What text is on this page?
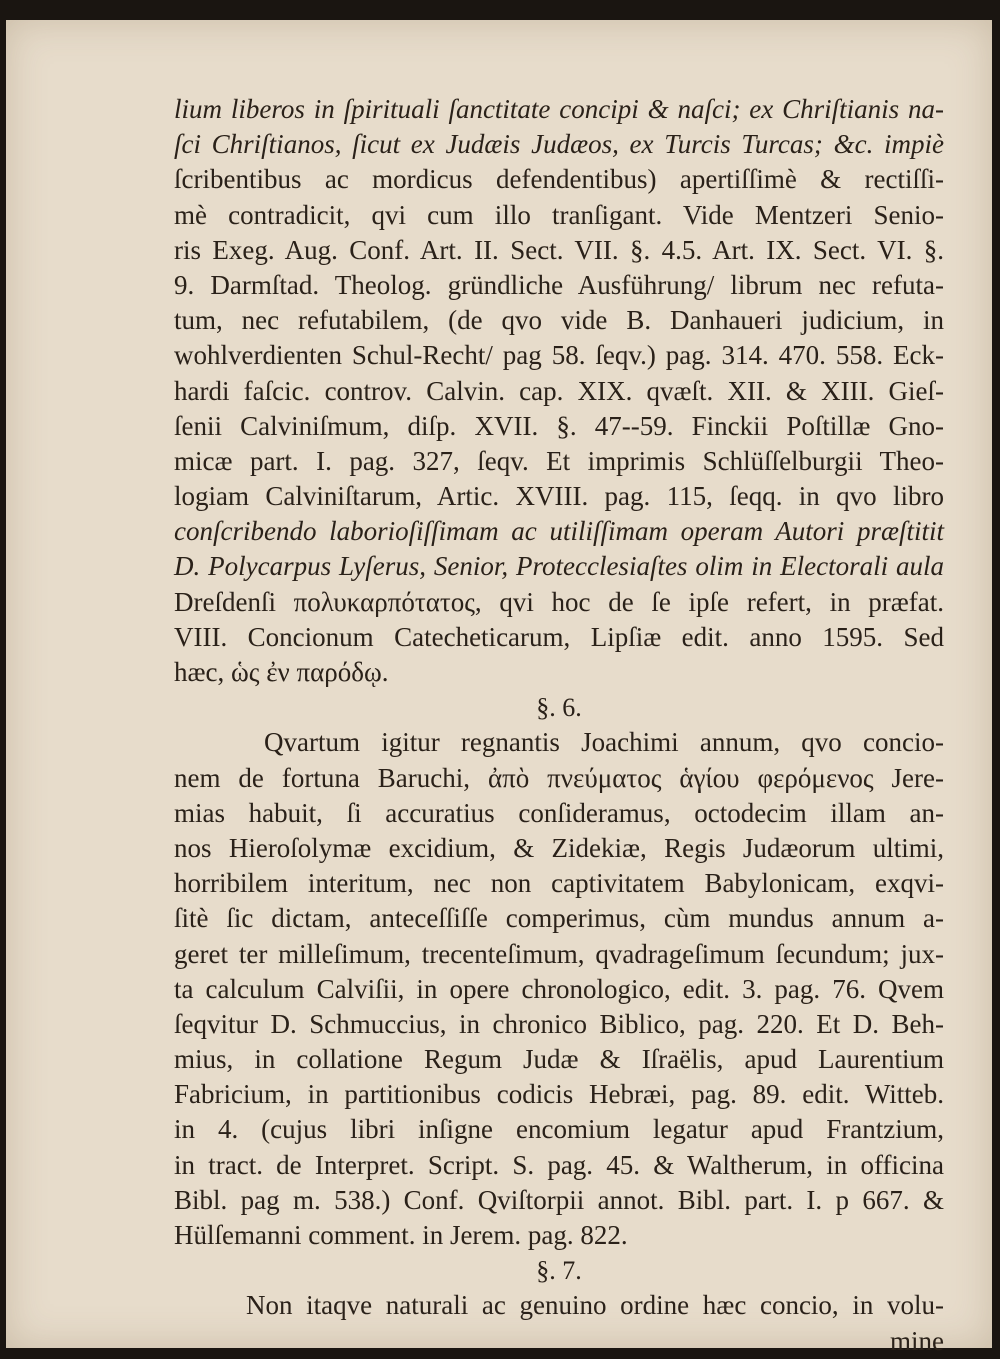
lium liberos in ſpirituali ſanctitate concipi & naſci; ex Chriſtianis na-
ſci Chriſtianos, ſicut ex Judæis Judæos, ex Turcis Turcas; &c. impiè
ſcribentibus ac mordicus defendentibus) apertiſſimè & rectiſſi-
mè contradicit, qvi cum illo tranſigant. Vide Mentzeri Senio-
ris Exeg. Aug. Conf. Art. II. Sect. VII. §. 4.5. Art. IX. Sect. VI. §.
9. Darmſtad. Theolog. gründliche Ausführung/ librum nec refuta-
tum, nec refutabilem, (de qvo vide B. Danhaueri judicium, in
wohlverdienten Schul-Recht/ pag 58. ſeqv.) pag. 314. 470. 558. Eck-
hardi faſcic. controv. Calvin. cap. XIX. qvæſt. XII. & XIII. Gieſ-
ſenii Calviniſmum, diſp. XVII. §. 47--59. Finckii Poſtillæ Gno-
micæ part. I. pag. 327, ſeqv. Et imprimis Schlüſſelburgii Theo-
logiam Calviniſtarum, Artic. XVIII. pag. 115, ſeqq. in qvo libro
conſcribendo laborioſiſſimam ac utiliſſimam operam Autori præſtitit
D. Polycarpus Lyſerus, Senior, Protecclesiaſtes olim in Electorali aula
Dreſdenſi πολυκαρπότατος, qvi hoc de ſe ipſe refert, in præfat.
VIII. Concionum Catecheticarum, Lipſiæ edit. anno 1595. Sed
hæc, ὡς ἐν παρόδῳ.
§. 6.
Qvartum igitur regnantis Joachimi annum, qvo concio-
nem de fortuna Baruchi, ἀπὸ πνεύματος ἁγίου φερόμενος Jere-
mias habuit, ſi accuratius conſideramus, octodecim illam an-
nos Hieroſolymæ excidium, & Zidekiæ, Regis Judæorum ultimi,
horribilem interitum, nec non captivitatem Babylonicam, exqvi-
ſitè ſic dictam, anteceſſiſſe comperimus, cùm mundus annum a-
geret ter milleſimum, trecenteſimum, qvadrageſimum ſecundum; jux-
ta calculum Calviſii, in opere chronologico, edit. 3. pag. 76. Qvem
ſeqvitur D. Schmuccius, in chronico Biblico, pag. 220. Et D. Beh-
mius, in collatione Regum Judæ & Iſraëlis, apud Laurentium
Fabricium, in partitionibus codicis Hebræi, pag. 89. edit. Witteb.
in 4. (cujus libri inſigne encomium legatur apud Frantzium,
in tract. de Interpret. Script. S. pag. 45. & Waltherum, in officina
Bibl. pag m. 538.) Conf. Qviſtorpii annot. Bibl. part. I. p 667. &
Hülſemanni comment. in Jerem. pag. 822.
§. 7.
Non itaqve naturali ac genuino ordine hæc concio, in volu-
mine
